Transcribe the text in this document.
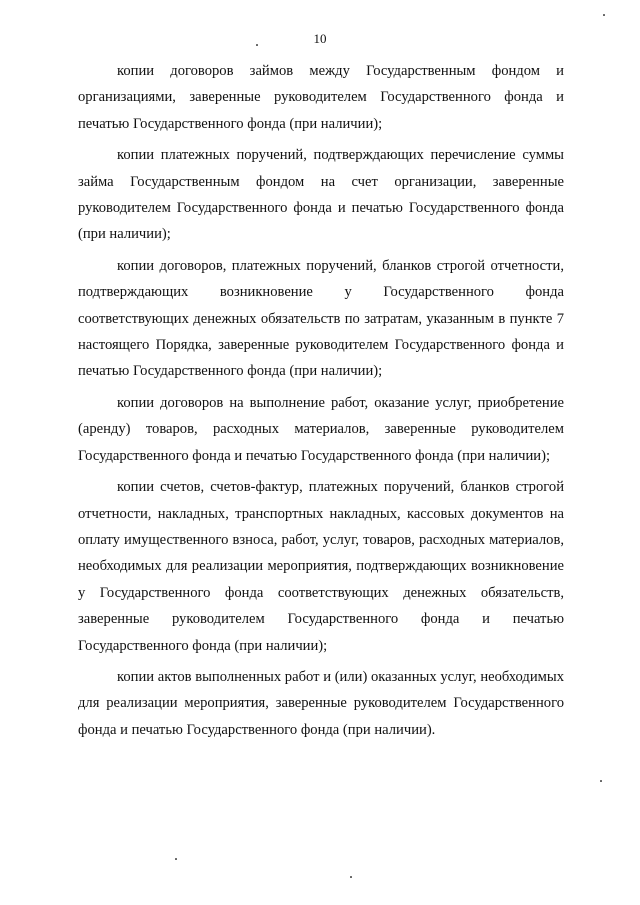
10

копии договоров займов между Государственным фондом и организациями, заверенные руководителем Государственного фонда и печатью Государственного фонда (при наличии);

копии платежных поручений, подтверждающих перечисление суммы займа Государственным фондом на счет организации, заверенные руководителем Государственного фонда и печатью Государственного фонда (при наличии);

копии договоров, платежных поручений, бланков строгой отчетности, подтверждающих возникновение у Государственного фонда соответствующих денежных обязательств по затратам, указанным в пункте 7 настоящего Порядка, заверенные руководителем Государственного фонда и печатью Государственного фонда (при наличии);

копии договоров на выполнение работ, оказание услуг, приобретение (аренду) товаров, расходных материалов, заверенные руководителем Государственного фонда и печатью Государственного фонда (при наличии);

копии счетов, счетов-фактур, платежных поручений, бланков строгой отчетности, накладных, транспортных накладных, кассовых документов на оплату имущественного взноса, работ, услуг, товаров, расходных материалов, необходимых для реализации мероприятия, подтверждающих возникновение у Государственного фонда соответствующих денежных обязательств, заверенные руководителем Государственного фонда и печатью Государственного фонда (при наличии);

копии актов выполненных работ и (или) оказанных услуг, необходимых для реализации мероприятия, заверенные руководителем Государственного фонда и печатью Государственного фонда (при наличии).
